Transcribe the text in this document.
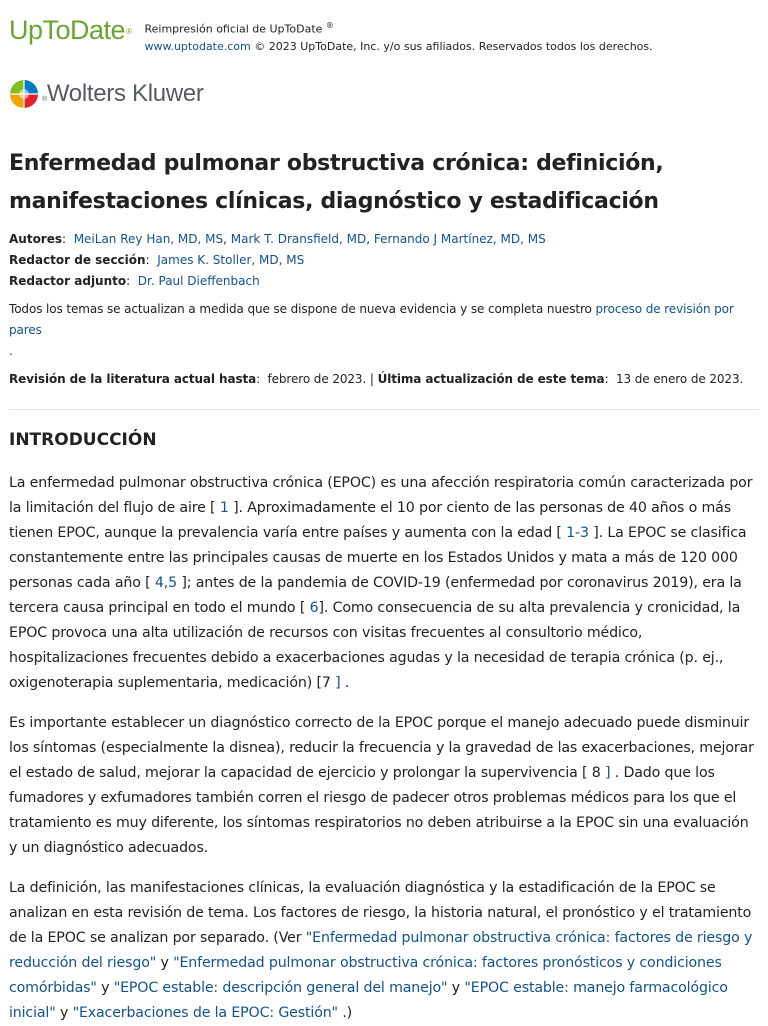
UpToDate® Reimpresión oficial de UpToDate ®
www.uptodate.com © 2023 UpToDate, Inc. y/o sus afiliados. Reservados todos los derechos.
®Wolters Kluwer
Enfermedad pulmonar obstructiva crónica: definición, manifestaciones clínicas, diagnóstico y estadificación
Autores:  MeiLan Rey Han, MD, MS, Mark T. Dransfield, MD, Fernando J Martínez, MD, MS
Redactor de sección:  James K. Stoller, MD, MS
Redactor adjunto:  Dr. Paul Dieffenbach
Todos los temas se actualizan a medida que se dispone de nueva evidencia y se completa nuestro proceso de revisión por pares
.
Revisión de la literatura actual hasta:  febrero de 2023. | Última actualización de este tema:  13 de enero de 2023.
INTRODUCCIÓN

La enfermedad pulmonar obstructiva crónica (EPOC) es una afección respiratoria común caracterizada por la limitación del flujo de aire [ 1 ]. Aproximadamente el 10 por ciento de las personas de 40 años o más tienen EPOC, aunque la prevalencia varía entre países y aumenta con la edad [ 1-3 ]. La EPOC se clasifica constantemente entre las principales causas de muerte en los Estados Unidos y mata a más de 120 000 personas cada año [ 4,5 ]; antes de la pandemia de COVID-19 (enfermedad por coronavirus 2019), era la tercera causa principal en todo el mundo [ 6]. Como consecuencia de su alta prevalencia y cronicidad, la EPOC provoca una alta utilización de recursos con visitas frecuentes al consultorio médico, hospitalizaciones frecuentes debido a exacerbaciones agudas y la necesidad de terapia crónica (p. ej., oxigenoterapia suplementaria, medicación) [7 ] .

Es importante establecer un diagnóstico correcto de la EPOC porque el manejo adecuado puede disminuir los síntomas (especialmente la disnea), reducir la frecuencia y la gravedad de las exacerbaciones, mejorar el estado de salud, mejorar la capacidad de ejercicio y prolongar la supervivencia [ 8 ] . Dado que los fumadores y exfumadores también corren el riesgo de padecer otros problemas médicos para los que el tratamiento es muy diferente, los síntomas respiratorios no deben atribuirse a la EPOC sin una evaluación y un diagnóstico adecuados.

La definición, las manifestaciones clínicas, la evaluación diagnóstica y la estadificación de la EPOC se analizan en esta revisión de tema. Los factores de riesgo, la historia natural, el pronóstico y el tratamiento de la EPOC se analizan por separado. (Ver "Enfermedad pulmonar obstructiva crónica: factores de riesgo y reducción del riesgo" y "Enfermedad pulmonar obstructiva crónica: factores pronósticos y condiciones comórbidas" y "EPOC estable: descripción general del manejo" y "EPOC estable: manejo farmacológico inicial" y "Exacerbaciones de la EPOC: Gestión" .)
